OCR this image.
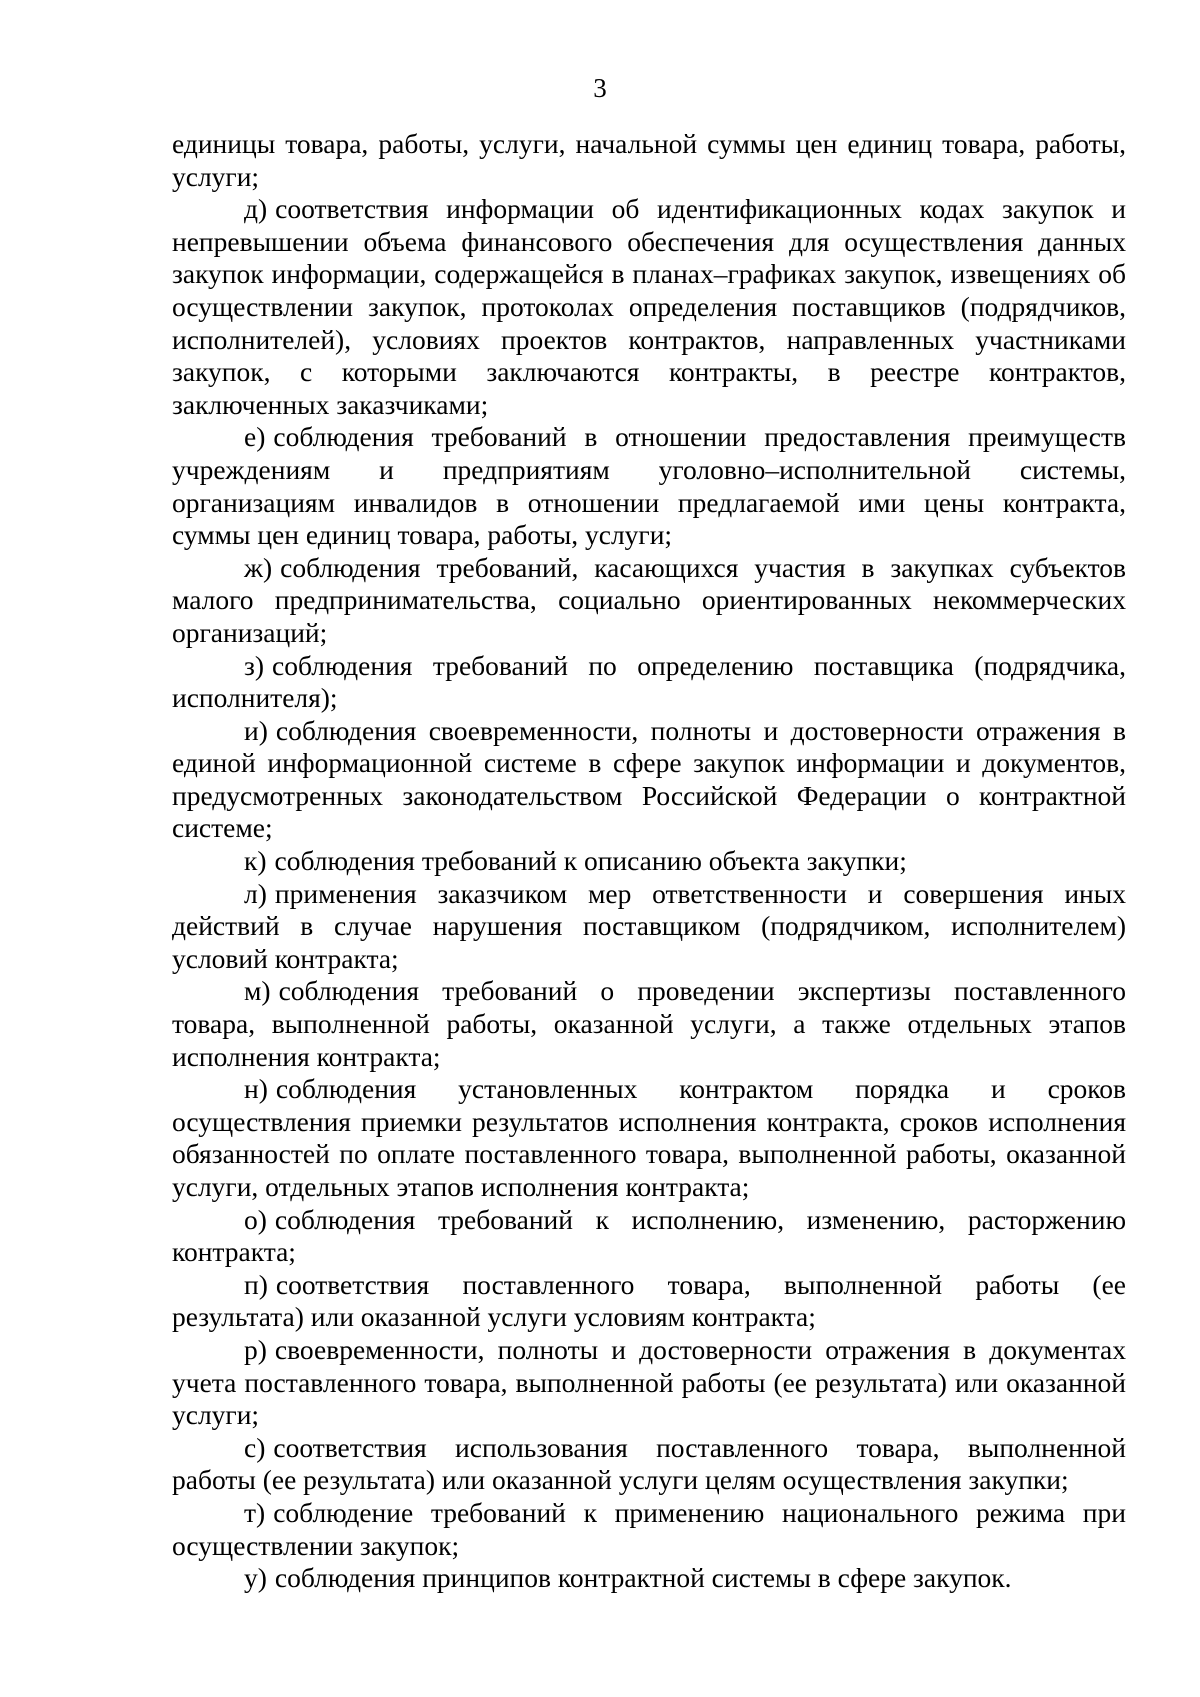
3

единицы товара, работы, услуги, начальной суммы цен единиц товара, работы, услуги;

д) соответствия информации об идентификационных кодах закупок и непревышении объема финансового обеспечения для осуществления данных закупок информации, содержащейся в планах–графиках закупок, извещениях об осуществлении закупок, протоколах определения поставщиков (подрядчиков, исполнителей), условиях проектов контрактов, направленных участниками закупок, с которыми заключаются контракты, в реестре контрактов, заключенных заказчиками;

е) соблюдения требований в отношении предоставления преимуществ учреждениям и предприятиям уголовно–исполнительной системы, организациям инвалидов в отношении предлагаемой ими цены контракта, суммы цен единиц товара, работы, услуги;

ж) соблюдения требований, касающихся участия в закупках субъектов малого предпринимательства, социально ориентированных некоммерческих организаций;

з) соблюдения требований по определению поставщика (подрядчика, исполнителя);

и) соблюдения своевременности, полноты и достоверности отражения в единой информационной системе в сфере закупок информации и документов, предусмотренных законодательством Российской Федерации о контрактной системе;

к) соблюдения требований к описанию объекта закупки;

л) применения заказчиком мер ответственности и совершения иных действий в случае нарушения поставщиком (подрядчиком, исполнителем) условий контракта;

м) соблюдения требований о проведении экспертизы поставленного товара, выполненной работы, оказанной услуги, а также отдельных этапов исполнения контракта;

н) соблюдения установленных контрактом порядка и сроков осуществления приемки результатов исполнения контракта, сроков исполнения обязанностей по оплате поставленного товара, выполненной работы, оказанной услуги, отдельных этапов исполнения контракта;

о) соблюдения требований к исполнению, изменению, расторжению контракта;

п) соответствия поставленного товара, выполненной работы (ее результата) или оказанной услуги условиям контракта;

р) своевременности, полноты и достоверности отражения в документах учета поставленного товара, выполненной работы (ее результата) или оказанной услуги;

с) соответствия использования поставленного товара, выполненной работы (ее результата) или оказанной услуги целям осуществления закупки;

т) соблюдение требований к применению национального режима при осуществлении закупок;

у) соблюдения принципов контрактной системы в сфере закупок.
